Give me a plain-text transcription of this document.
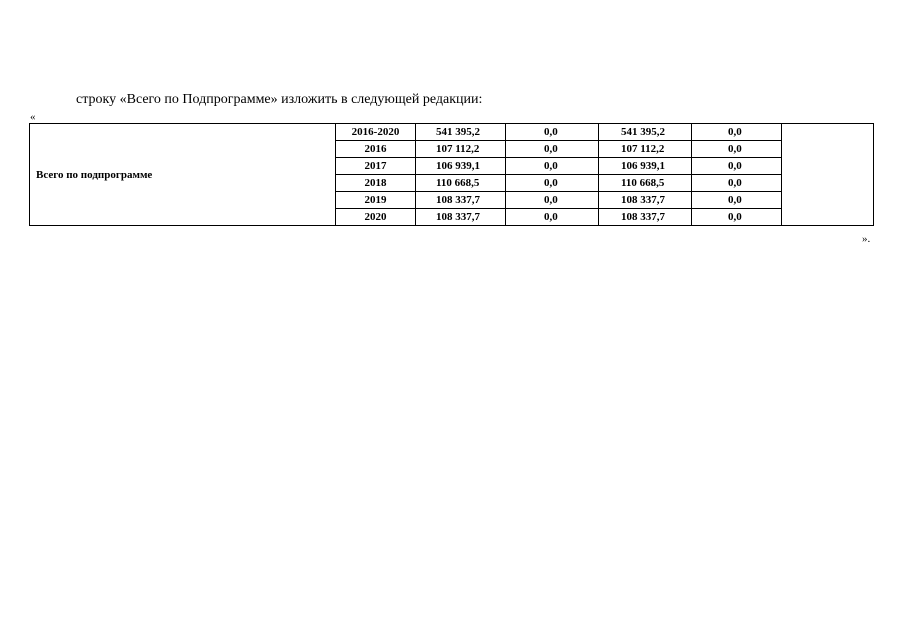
строку «Всего по Подпрограмме» изложить в следующей редакции:
«
Всего по подпрограмме	2016-2020	541 395,2	0,0	541 395,2	0,0	
	2016	107 112,2	0,0	107 112,2	0,0	
	2017	106 939,1	0,0	106 939,1	0,0	
	2018	110 668,5	0,0	110 668,5	0,0	
	2019	108 337,7	0,0	108 337,7	0,0	
	2020	108 337,7	0,0	108 337,7	0,0	
».
